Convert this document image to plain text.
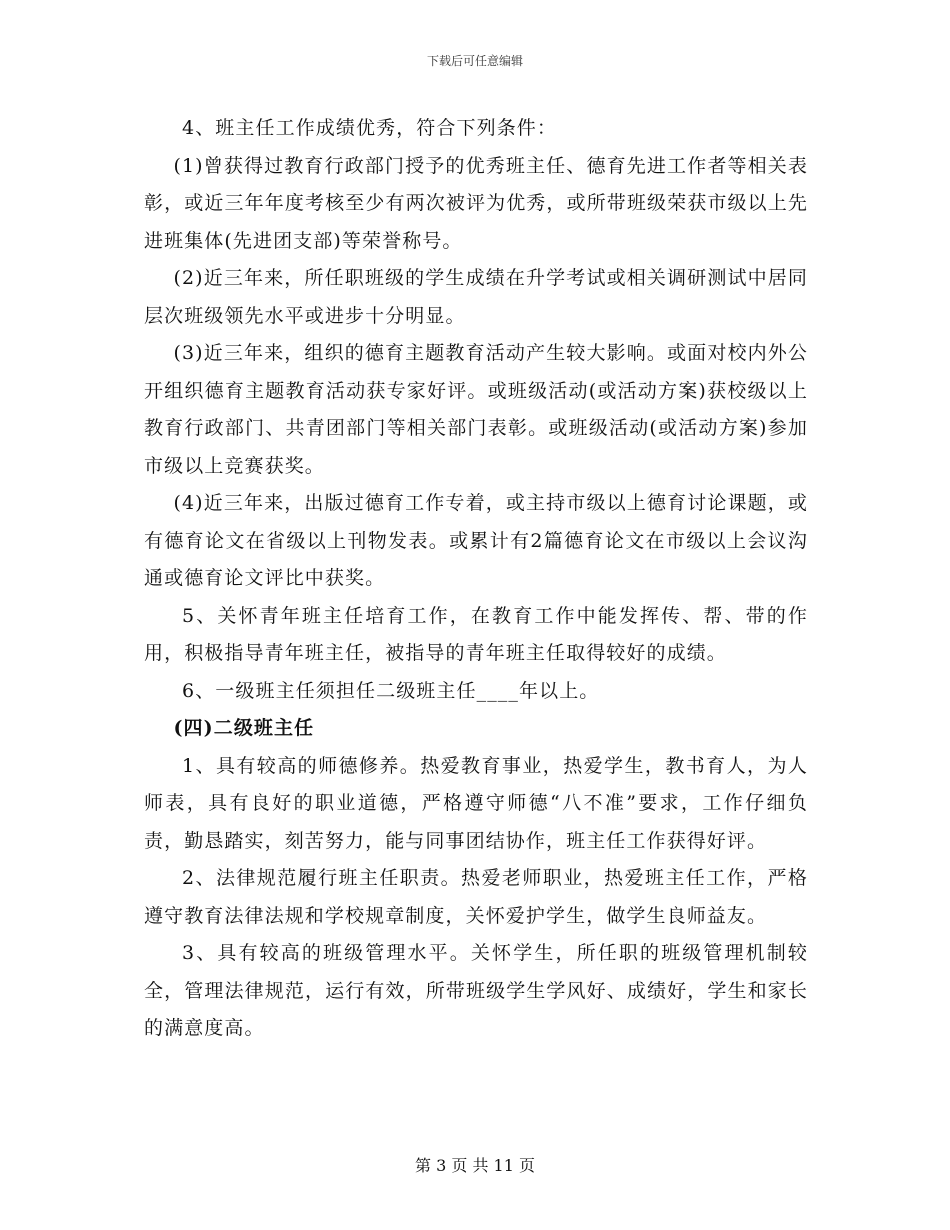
下载后可任意编辑

4、班主任工作成绩优秀，符合下列条件：

(1)曾获得过教育行政部门授予的优秀班主任、德育先进工作者等相关表彰，或近三年年度考核至少有两次被评为优秀，或所带班级荣获市级以上先进班集体(先进团支部)等荣誉称号。

(2)近三年来，所任职班级的学生成绩在升学考试或相关调研测试中居同层次班级领先水平或进步十分明显。

(3)近三年来，组织的德育主题教育活动产生较大影响。或面对校内外公开组织德育主题教育活动获专家好评。或班级活动(或活动方案)获校级以上教育行政部门、共青团部门等相关部门表彰。或班级活动(或活动方案)参加市级以上竞赛获奖。

(4)近三年来，出版过德育工作专着，或主持市级以上德育讨论课题，或有德育论文在省级以上刊物发表。或累计有2篇德育论文在市级以上会议沟通或德育论文评比中获奖。

5、关怀青年班主任培育工作，在教育工作中能发挥传、帮、带的作用，积极指导青年班主任，被指导的青年班主任取得较好的成绩。

6、一级班主任须担任二级班主任____年以上。

(四)二级班主任

1、具有较高的师德修养。热爱教育事业，热爱学生，教书育人，为人师表，具有良好的职业道德，严格遵守师德“八不准”要求，工作仔细负责，勤恳踏实，刻苦努力，能与同事团结协作，班主任工作获得好评。

2、法律规范履行班主任职责。热爱老师职业，热爱班主任工作，严格遵守教育法律法规和学校规章制度，关怀爱护学生，做学生良师益友。

3、具有较高的班级管理水平。关怀学生，所任职的班级管理机制较全，管理法律规范，运行有效，所带班级学生学风好、成绩好，学生和家长的满意度高。

第 3 页 共 11 页
